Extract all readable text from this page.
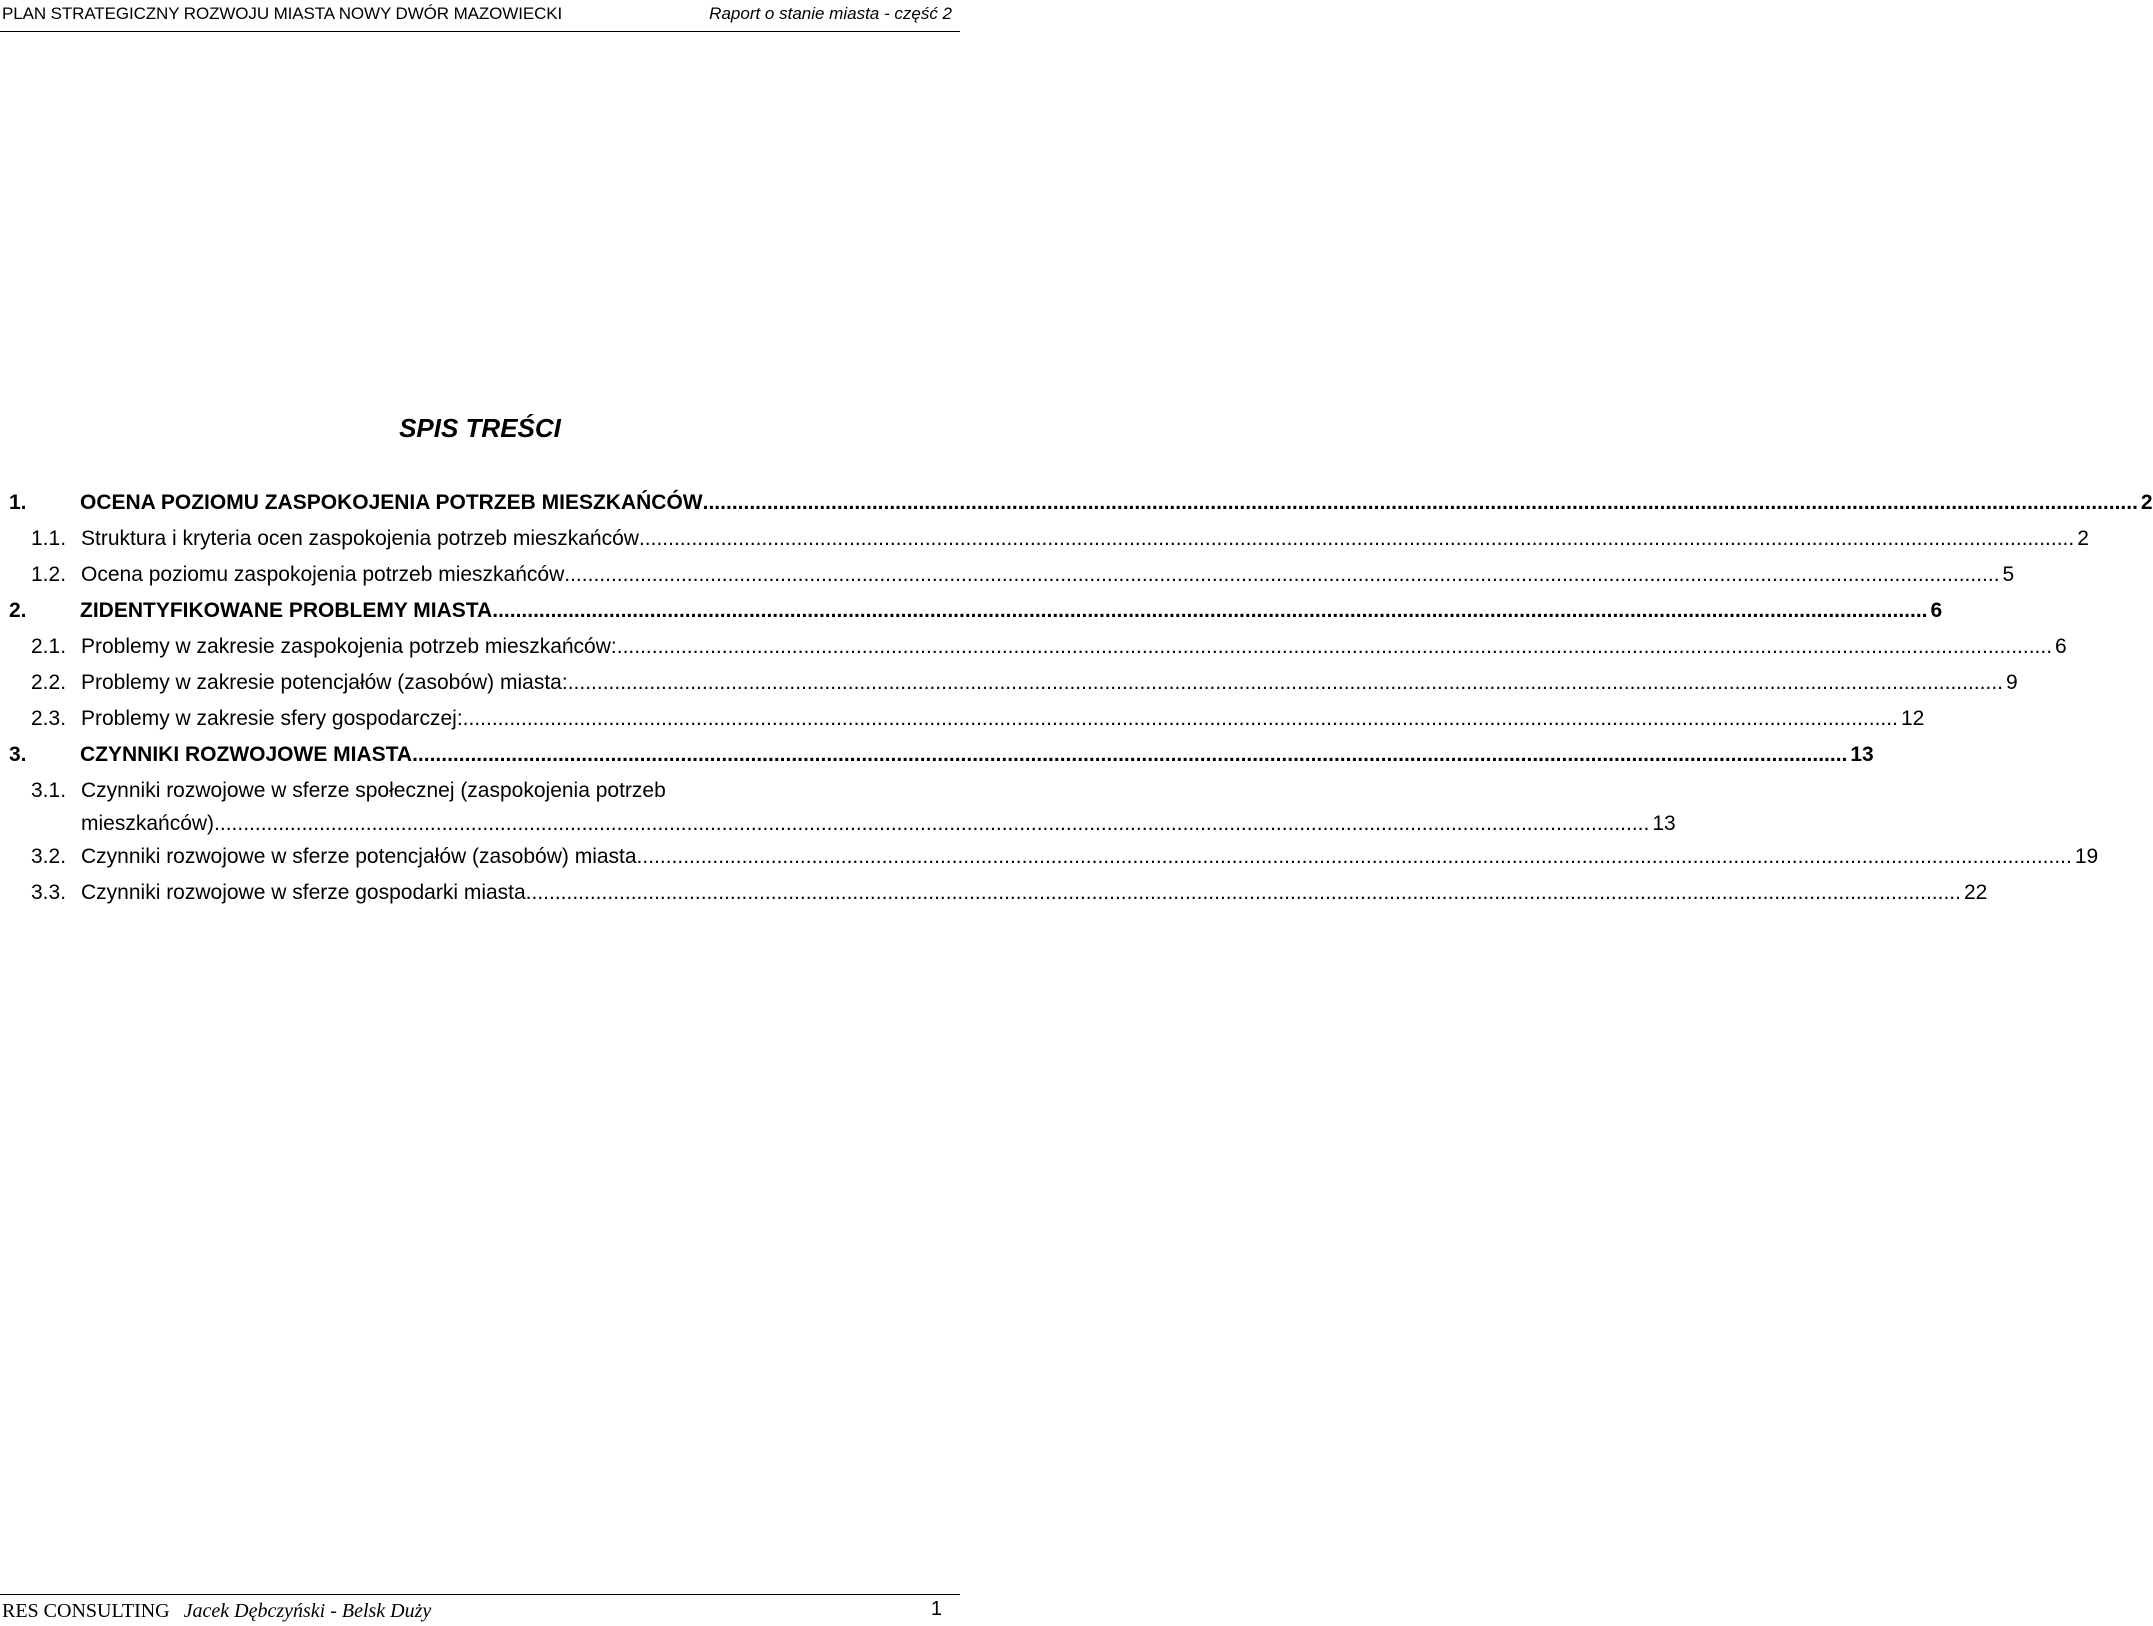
PLAN STRATEGICZNY ROZWOJU MIASTA NOWY DWÓR MAZOWIECKI	Raport o stanie miasta - część 2
SPIS TREŚCI
1.	OCENA POZIOMU ZASPOKOJENIA POTRZEB MIESZKAŃCÓW .....	2
1.1. Struktura i kryteria ocen zaspokojenia potrzeb mieszkańców .....	2
1.2. Ocena poziomu zaspokojenia potrzeb mieszkańców .....	5
2.	ZIDENTYFIKOWANE PROBLEMY MIASTA .....	6
2.1. Problemy w zakresie zaspokojenia potrzeb mieszkańców: .....	6
2.2. Problemy w zakresie potencjałów (zasobów) miasta: .....	9
2.3. Problemy w zakresie sfery gospodarczej: .....	12
3.	CZYNNIKI ROZWOJOWE MIASTA .....	13
3.1. Czynniki rozwojowe w sferze społecznej (zaspokojenia potrzeb
mieszkańców) .....	13
3.2. Czynniki rozwojowe w sferze potencjałów (zasobów) miasta .....	19
3.3. Czynniki rozwojowe w sferze gospodarki miasta .....	22
RES CONSULTING Jacek Dębczyński - Belsk Duży	1
